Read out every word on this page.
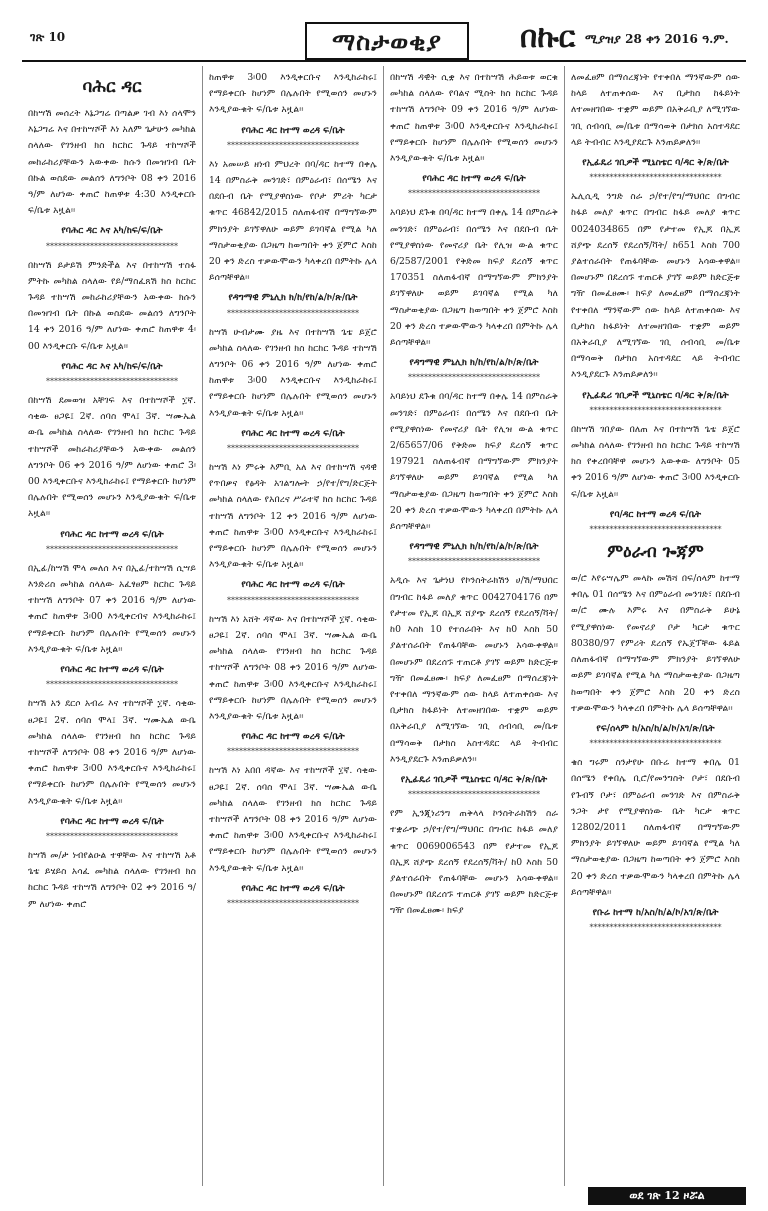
ገጽ 10	ማስታወቂያ	በኩር ሚያዝያ 28 ቀን 2016 ዓ.ም.
ባሕር ዳር

በከሣሽ መሰረት እኔጋግሬ በጣልቃ ገብ እነ ሰላሞን እኔጋግሬ እና በተከሣሾች እነ አለም ጌታሁን መካከል ስላለው የገንዘብ ክስ ከርከር ጉዳይ ተከሣሾች መከራከሪያቸውን አውቀው ክሱን በመዝገብ ቤት በኩል ወስደው መልሰን ለግንቦት 08 ቀን 2016 ዓ/ም ለሆነው ቀጠሮ ከጠዋቱ 4:30 እንዲቀርቡ ፍ/ቤቱ አዟል፡፡

የባሕር ዳር እና አካ/ከፍ/ፍ/ቤት
*********************************

በከሣሽ ይታይሽ ምንድችል እና በተከሣሽ ተስፋ ምትኩ መካከል ስላለው የይ/ማስፈጸሽ ክስ ከርከር ጉዳይ ተከሣሽ መከራከሪያቸውን አውቀው ክሱን በመዝገብ ቤት በኩል ወስደው መልሰን ለግንቦት 14 ቀን 2016 ዓ/ም ለሆነው ቀጠሮ ከጠዋቱ 4፡00 እንዲቀርቡ ፍ/ቤቱ አዟል፡፡

የባሕር ዳር እና አካ/ከፍ/ፍ/ቤት
*********************************

በከሣሽ ደመወዝ አቸገፍ እና በተከሣሾች ፲ኛ. ሳቂው ፀጋዬ፤ 2ኛ. ሰባስ ሞላ፤ 3ኛ. ሣሙኤል ውቤ መካከል ስላለው የገንዘብ ክስ ከርከር ጉዳይ ተከሣሾች መከራከሪያቸውን አውቀው መልሰን ለግንቦት 06 ቀን 2016 ዓ/ም ለሆነው ቀጠሮ 3፡00 እንዲቀርቡና እንዲከራከሩ፤ የማይቀርቡ ከሆነም በሌሉበት የሚወሰን መሆኑን እንዲያውቁት ፍ/ቤቱ አዟል፡፡

የባሕር ዳር ከተማ ወረዳ ፍ/ቤት
*********************************

በኢፊ/ከሣሽ ሞላ መለሰ እና በኢፊ/ተከሣሽ ሲሣይ እንድሪስ መካከል ስላለው አፈፃፀም ከርከር ጉዳይ ተከሣሽ ለግንቦት 07 ቀን 2016 ዓ/ም ለሆነው ቀጠሮ ከጠዋቱ 3፡00 እንዲቀርብና እንዲከራከሩ፤ የማይቀርቡ ከሆነም በሌሉበት የሚወሰን መሆኑን እንዲያውቁት ፍ/ቤቱ አዟል፡፡

የባሕር ዳር ከተማ ወረዳ ፍ/ቤት
*********************************

ከሣሽ አን ደርሶ አብሬ እና ተከሣሾች ፲ኛ. ሳቂው ፀጋዬ፤ 2ኛ. ሰባስ ሞላ፤ 3ኛ. ሣሙኤል ውቤ መካከል ስላለው የገንዘብ ክስ ከርከር ጉዳይ ተከሣሾች ለግንቦት 08 ቀን 2016 ዓ/ም ለሆነው ቀጠሮ ከጠዋቱ 3፡00 እንዲቀርቡና እንዲከራከሩ፤ የማይቀርቡ ከሆነም በሌሉበት የሚወሰን መሆኑን እንዲያውቁት ፍ/ቤቱ አዟል፡፡

የባሕር ዳር ከተማ ወረዳ ፍ/ቤት
*********************************

ከሣሽ መ/ታ ነብየልዑል ተዋቸው እና ተከሣሽ አቶ ጌቴ ይሄይስ አሳፈ መካከል ስላለው የገንዘብ ክስ ከርከር ጉዳይ ተከሣሽ ለግንቦት 02 ቀን 2016 ዓ/ም ለሆነው ቀጠሮ

ከጠዋቱ 3፡00 እንዲቀርቡና እንዲከራከሩ፤ የማይቀርቡ ከሆነም በሌሉበት የሚወሰን መሆኑን እንዲያውቁት ፍ/ቤቱ አዟል፡፡

የባሕር ዳር ከተማ ወረዳ ፍ/ቤት
*********************************

እነ አመሠይ ዘነብ ምህረት በባ/ዳር ከተማ በቀሌ 14 በምስራቅ መንገድ፣ በምዕራብ፣ በሰሜን እና በደቡብ ቤት የሚያዋስነው የቦታ ምሪት ካርታ ቁጥር 46842/2015 ስለጠፋብኛ በማግኘውም ምክንያት ይገኘዋለሁ ወይም ይገባኛል የሚል ካለ ማስታወቂያው በጋዜጣ ከወጣበት ቀን ጀምሮ እስከ 20 ቀን ድረስ ተቃውሞውን ካላቀረበ በምትኩ ሌላ ይሰጣቸዋል፡፡

የዳግማዊ ምኒሊክ ክ/ከ/የከ/ል/ኮ/ጽ/ቤት
*********************************

ከሣሽ ሁብታሙ ያዜ እና በተከሣሽ ጌቴ ይጀሮ መካከል ስላለው የገንዘብ ክስ ከርከር ጉዳይ ተከሣሽ ለግንቦት 06 ቀን 2016 ዓ/ም ለሆነው ቀጠሮ ከጠዋቱ 3፡00 እንዲቀርቡና እንዲከራከሩ፤ የማይቀርቡ ከሆነም በሌሉበት የሚወሰን መሆኑን እንዲያውቁት ፍ/ቤቱ አዟል፡፡

የባሕር ዳር ከተማ ወረዳ ፍ/ቤት
*********************************

ከሣሽ እነ ምሩቅ እምቢ አለ እና በተከሣሽ ናዳዊ የጥበቃና የፅዳት አገልግሎት ኃ/የተ/የግ/ድርጅት መካከል ስላለው የአበረና ሥራተኛ ክስ ከርከር ጉዳይ ተከሣሽ ለግንቦት 12 ቀን 2016 ዓ/ም ለሆነው ቀጠሮ ከጠዋቱ 3፡00 እንዲቀርቡና እንዲከራከሩ፤ የማይቀርቡ ከሆነም በሌሉበት የሚወሰን መሆኑን እንዲያውቁት ፍ/ቤቱ አዟል፡፡

የባሕር ዳር ከተማ ወረዳ ፍ/ቤት
*********************************

ከሣሽ እነ አሸት ዳኛው እና በተከሣሾች ፲ኛ. ሳቂው ፀጋዬ፤ 2ኛ. ሰባስ ሞላ፤ 3ኛ. ሣሙኤል ውቤ መካከል ስላለው የገንዘብ ክስ ከርከር ጉዳይ ተከሣሾች ለግንቦት 08 ቀን 2016 ዓ/ም ለሆነው ቀጠሮ ከጠዋቱ 3፡00 እንዲቀርቡና እንዲከራከሩ፤ የማይቀርቡ ከሆነም በሌሉበት የሚወሰን መሆኑን እንዲያውቁት ፍ/ቤቱ አዟል፡፡

የባሕር ዳር ከተማ ወረዳ ፍ/ቤት
*********************************

ከሣሽ እነ አበበ ዳኛው እና ተከሣሾች ፲ኛ. ሳቂው ፀጋዬ፤ 2ኛ. ሰባስ ሞላ፤ 3ኛ. ሣሙኤል ውቤ መካከል ስላለው የገንዘብ ክስ ከርከር ጉዳይ ተከሣሾች ለግንቦት 08 ቀን 2016 ዓ/ም ለሆነው ቀጠሮ ከጠዋቱ 3፡00 እንዲቀርቡና እንዲከራከሩ፤ የማይቀርቡ ከሆነም በሌሉበት የሚወሰን መሆኑን እንዲያውቁት ፍ/ቤቱ አዟል፡፡

የባሕር ዳር ከተማ ወረዳ ፍ/ቤት
*********************************

በከሣሽ ዳዊት ሲቋ እና በተከሣሽ ሕይወቱ ወርቁ መካከል ስላለው የባልና ሚስት ክስ ከርከር ጉዳይ ተከሣሽ ለግንቦት 09 ቀን 2016 ዓ/ም ለሆነው ቀጠሮ ከጠዋቱ 3፡00 እንዲቀርቡና እንዲከራከሩ፤ የማይቀርቡ ከሆነም በሌሉበት የሚወሰን መሆኑን እንዲያውቁት ፍ/ቤቱ አዟል፡፡

የባሕር ዳር ከተማ ወረዳ ፍ/ቤት
*********************************

አባይነህ ደጉቁ በባ/ዳር ከተማ በቀሌ 14 በምስራቅ መንገድ፣ በምዕራብ፣ በሰሜን እና በደቡብ ቤት የሚያዋስነው የመኖሪያ ቤት የሊዝ ውል ቁጥር 6/2587/2001 የቅድመ ክፍያ ደረሰኝ ቁጥር 170351 ስለጠፋብኛ በማግኘውም ምክንያት ይገኘዋለሁ ወይም ይገባኛል የሚል ካለ ማስታወቂያው በጋዜጣ ከወጣበት ቀን ጀምሮ እስከ 20 ቀን ድረስ ተቃውሞውን ካላቀረበ በምትኩ ሌላ ይሰጣቸዋል፡፡

የዳግማዊ ምኒሊክ ክ/ከ/የከ/ል/ኮ/ጽ/ቤት
*********************************

አባይነህ ደጉቁ በባ/ዳር ከተማ በቀሌ 14 በምስራቅ መንገድ፣ በምዕራብ፣ በሰሜን እና በደቡብ ቤት የሚያዋስነው የመኖሪያ ቤት የሊዝ ውል ቁጥር 2/65657/06 የቅድመ ክፍያ ደረሰኝ ቁጥር 197921 ስለጠፋብኛ በማግኘውም ምክንያት ይገኘዋለሁ ወይም ይገባኛል የሚል ካለ ማስታወቂያው በጋዜጣ ከወጣበት ቀን ጀምሮ እስከ 20 ቀን ድረስ ተቃውሞውን ካላቀረበ በምትኩ ሌላ ይሰጣቸዋል፡፡

የዳግማዊ ምኒሊክ ክ/ከ/የከ/ል/ኮ/ጽ/ቤት
*********************************

አዲሱ እና ጌታነህ የኮንስትራክሽን ሀ/ሽ/ማህበር በግብር ከፋይ መለያ ቁጥር 0042704176 በም የታተመ የኢጆ በኢጆ ሸያጭ ደረሰኝ የደረሰኝ/ቫት/ ከ0 እስከ 10 የተሰራበት እና ከ0 እስከ 50 ያልተሰራበት የጠፋባቸው መሆኑን አሳውቀዋል፡፡ በመሆኑም በደረሰኙ ተጠርቶ ያገኘ ወይም ከድርጅቱ ግዥ በመፈፀሙ፡ ክፍያ ለመፈፀም በማሰረጃነት የተቀበለ ማንኛውም ሰው ከላይ ለተጠቀሰው እና ቢታክስ ከፋይነት ለተመዘገበው ተቋም ወይም በአቅራቢያ ለሚገኘው ገቢ ሰብሳቢ መ/ቤቱ በማሳወቅ በታክስ አስተዳደር ላይ ትብብር እንዲያደርጉ እንጠይቃለን፡፡

የኢፊዴሪ ገቢዎች ሚኒስቴር ባ/ዳር ቅ/ጽ/ቤት
*********************************

የም ኢንጂነሪንግ ጠቅላላ ኮንስትራክሽን ስራ ተቋራጭ ኃ/የተ/የግ/ማህበር በግብር ከፋይ መለያ ቁጥር 0069006543 በም የታተመ የኢጆ በኢጆ ሸያጭ ደረሰኝ የደረሰኝ/ቫት/ ከ0 እስከ 50 ያልተሰራበት የጠፋባቸው መሆኑን አሳውቀዋል፡፡ በመሆኑም በደረሰኙ ተጠርቶ ያገኘ ወይም ከድርጅቱ ግዥ በመፈፀሙ፡ ክፍያ

ለመፈፀም በማሰረጃነት የተቀበለ ማንኛውም ሰው ከላይ ለተጠቀሰው እና ቢታክስ ከፋይነት ለተመዘገበው ተቋም ወይም በአቅራቢያ ለሚገኘው ገቢ ሰብሳቢ መ/ቤቱ በማሳወቅ በታክስ አስተዳደር ላይ ትብብር እንዲያደርጉ እንጠይቃለን፡፡

የኢፊዴሪ ገቢዎች ሚኒስቴር ባ/ዳር ቅ/ጽ/ቤት
*********************************

ኤሊሲዲ ንግድ ስራ ኃ/የተ/የግ/ማህበር በግብር ከፋይ መለያ ቁጥር በግብር ከፋይ መለያ ቁጥር 0024034865 በም የታተመ የኢጆ በኢጆ ሸያጭ ደረሰኝ የደረሰኝ/ቫት/ ከ651 እስከ 700 ያልተሰራበት የጠፋባቸው መሆኑን አሳውቀዋል፡፡ በመሆኑም በደረሰኙ ተጠርቶ ያገኘ ወይም ከድርጅቱ ግዥ በመፈፀሙ፡ ክፍያ ለመፈፀም በማሰረጃነት የተቀበለ ማንኛውም ሰው ከላይ ለተጠቀሰው እና ቢታክስ ከፋይነት ለተመዘገበው ተቋም ወይም በአቅራቢያ ለሚገኘው ገቢ ሰብሳቢ መ/ቤቱ በማሳወቅ በታክስ አስተዳደር ላይ ትብብር እንዲያደርጉ እንጠይቃለን፡፡

የኢፊዴሪ ገቢዎች ሚኒስቴር ባ/ዳር ቅ/ጽ/ቤት
*********************************

በከሣሽ ገበያው በለጠ እና በተከሣሽ ጌቴ ይጀሮ መካከል ስላለው የገንዘብ ክስ ከርከር ጉዳይ ተከሣሽ ክስ የቀረበባቸዋ መሆኑን አውቀው ለግንቦት 05 ቀን 2016 ዓ/ም ለሆነው ቀጠሮ 3፡00 እንዲቀርቡ ፍ/ቤቱ አዟል፡፡

የባ/ዳር ከተማ ወረዳ ፍ/ቤት
*********************************
ምዕራብ ጐጃም

ወ/ሮ እየሩሣሌም መላኩ መሽሻ በፍ/ሰላም ከተማ ቀበሌ 01 በሰሜን እና በምዕራብ መንገድ፣ በደቡብ ወ/ሮ ሙሉ እምሩ እና በምስራቅ ይሁኔ የሚያዋስነው የመኖሪያ ቦታ ካርታ ቁጥር 80380/97 የምሪት ደረሰኝ የኤጀፕቸው ፋይል ስለጠፋብኛ በማግኘውም ምክንያት ይገኘዋለሁ ወይም ይገባኛል የሚል ካለ ማስታወቂያው በጋዜጣ ከወጣበት ቀን ጀምሮ እስከ 20 ቀን ድረስ ተቃውሞውን ካላቀረበ በምትኩ ሌላ ይሰጣቸዋል፡፡

የፍ/ሰላም ከ/አስ/ከ/ል/ኮ/አገ/ጽ/ቤት
*********************************

ቄስ ግሩም ስንታየሁ በቡሬ ከተማ ቀበሌ 01 በሰሜን የቀበሌ ቢሮ/የመንግስት ቦታ፣ በደቡብ የጉብኝ ቦታ፣ በምዕራብ መንገድ እና በምስራቅ ንጋት ታየ የሚያዋስነው ቤት ካርታ ቁጥር 12802/2011 ስለጠፋብኛ በማግኘውም ምክንያት ይገኘዋለሁ ወይም ይገባኛል የሚል ካለ ማስታወቂያው በጋዜጣ ከወጣበት ቀን ጀምሮ እስከ 20 ቀን ድረስ ተቃውሞውን ካላቀረበ በምትኩ ሌላ ይሰጣቸዋል፡፡

የቡሬ ከተማ ከ/አስ/ከ/ል/ኮ/አገ/ጽ/ቤት
*********************************
ወደ ገጽ 12 ዞሯል
